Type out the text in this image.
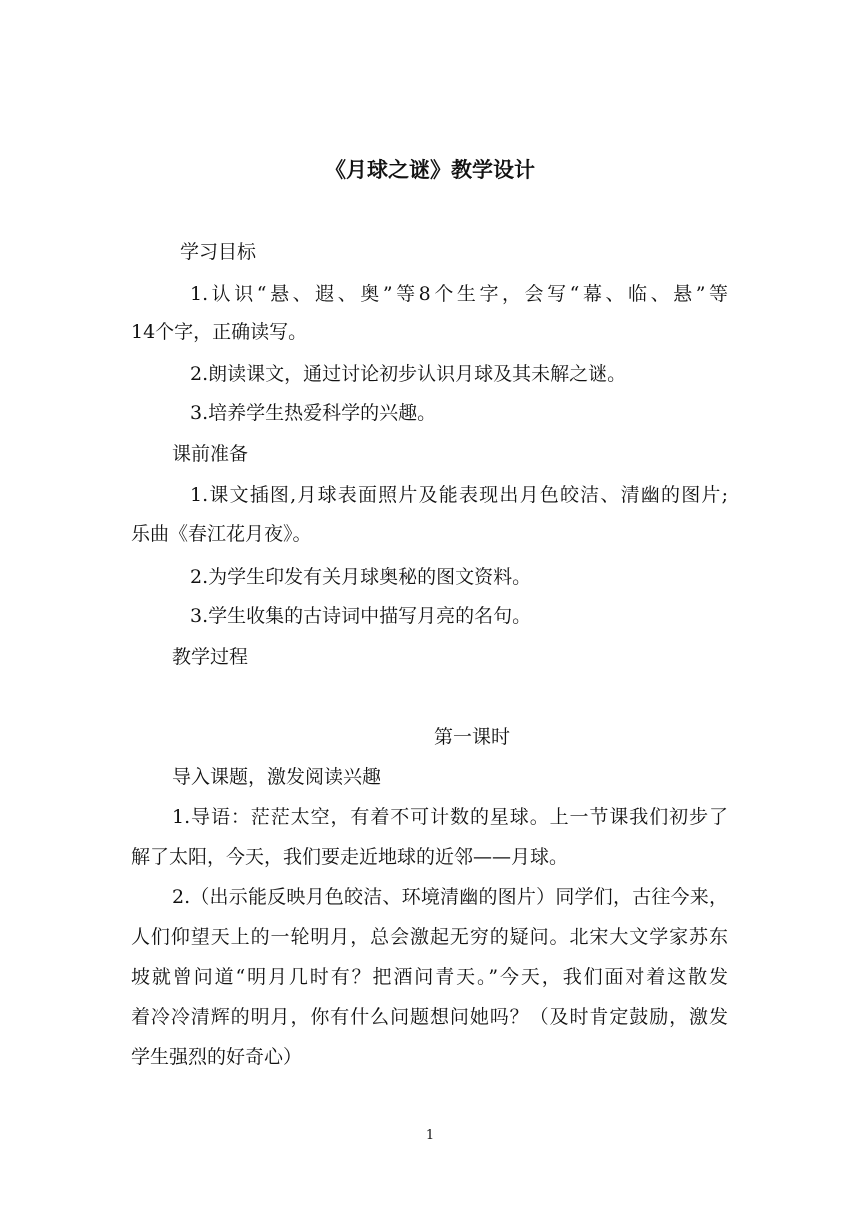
《月球之谜》教学设计

学习目标

1.认识“悬、遐、奥”等8个生字，会写“幕、临、悬”等

14个字，正确读写。

2.朗读课文，通过讨论初步认识月球及其未解之谜。

3.培养学生热爱科学的兴趣。

课前准备

1.课文插图,月球表面照片及能表现出月色皎洁、清幽的图片;

乐曲《春江花月夜》。

2.为学生印发有关月球奥秘的图文资料。

3.学生收集的古诗词中描写月亮的名句。

教学过程

第一课时

导入课题，激发阅读兴趣

1.导语：茫茫太空，有着不可计数的星球。上一节课我们初步了

解了太阳，今天，我们要走近地球的近邻——月球。

2.（出示能反映月色皎洁、环境清幽的图片）同学们，古往今来，

人们仰望天上的一轮明月，总会激起无穷的疑问。北宋大文学家苏东

坡就曾问道“明月几时有？把酒问青天。”今天，我们面对着这散发

着冷冷清辉的明月，你有什么问题想问她吗？（及时肯定鼓励，激发

学生强烈的好奇心）

1
